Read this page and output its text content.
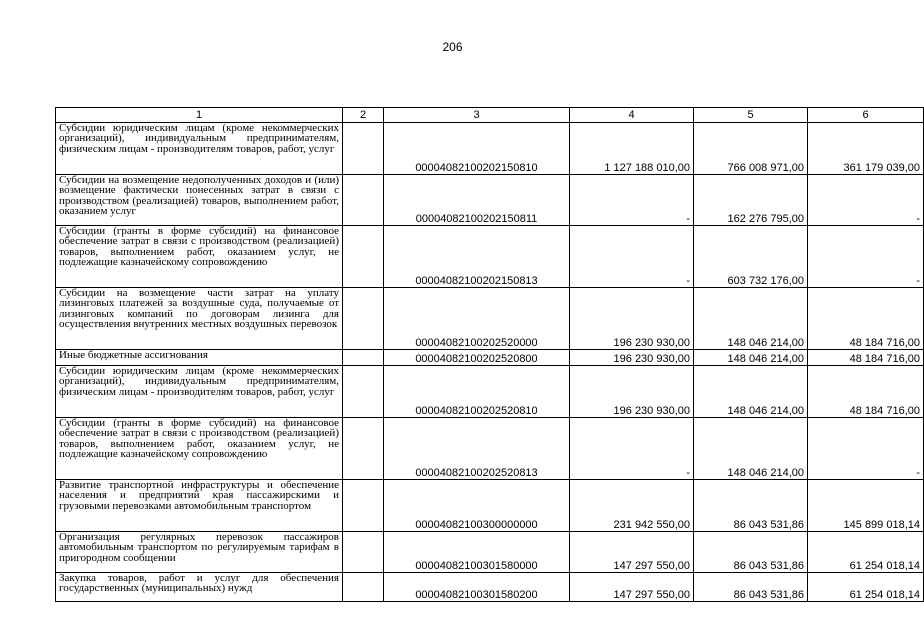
206
1	2	3	4	5	6
Субсидии юридическим лицам (кроме некоммерческих организаций), индивидуальным предпринимателям, физическим лицам - производителям товаров, работ, услуг		00004082100202150810	1 127 188 010,00	766 008 971,00	361 179 039,00
Субсидии на возмещение недополученных доходов и (или) возмещение фактически понесенных затрат в связи с производством (реализацией) товаров, выполнением работ, оказанием услуг		00004082100202150811	-	162 276 795,00	-
Субсидии (гранты в форме субсидий) на финансовое обеспечение затрат в связи с производством (реализацией) товаров, выполнением работ, оказанием услуг, не подлежащие казначейскому сопровождению		00004082100202150813	-	603 732 176,00	-
Субсидии на возмещение части затрат на уплату лизинговых платежей за воздушные суда, получаемые от лизинговых компаний по договорам лизинга для осуществления внутренних местных воздушных перевозок		00004082100202520000	196 230 930,00	148 046 214,00	48 184 716,00
Иные бюджетные ассигнования		00004082100202520800	196 230 930,00	148 046 214,00	48 184 716,00
Субсидии юридическим лицам (кроме некоммерческих организаций), индивидуальным предпринимателям, физическим лицам - производителям товаров, работ, услуг		00004082100202520810	196 230 930,00	148 046 214,00	48 184 716,00
Субсидии (гранты в форме субсидий) на финансовое обеспечение затрат в связи с производством (реализацией) товаров, выполнением работ, оказанием услуг, не подлежащие казначейскому сопровождению		00004082100202520813	-	148 046 214,00	-
Развитие транспортной инфраструктуры и обеспечение населения и предприятий края пассажирскими и грузовыми перевозками автомобильным транспортом		00004082100300000000	231 942 550,00	86 043 531,86	145 899 018,14
Организация регулярных перевозок пассажиров автомобильным транспортом по регулируемым тарифам в пригородном сообщении		00004082100301580000	147 297 550,00	86 043 531,86	61 254 018,14
Закупка товаров, работ и услуг для обеспечения государственных (муниципальных) нужд		00004082100301580200	147 297 550,00	86 043 531,86	61 254 018,14
